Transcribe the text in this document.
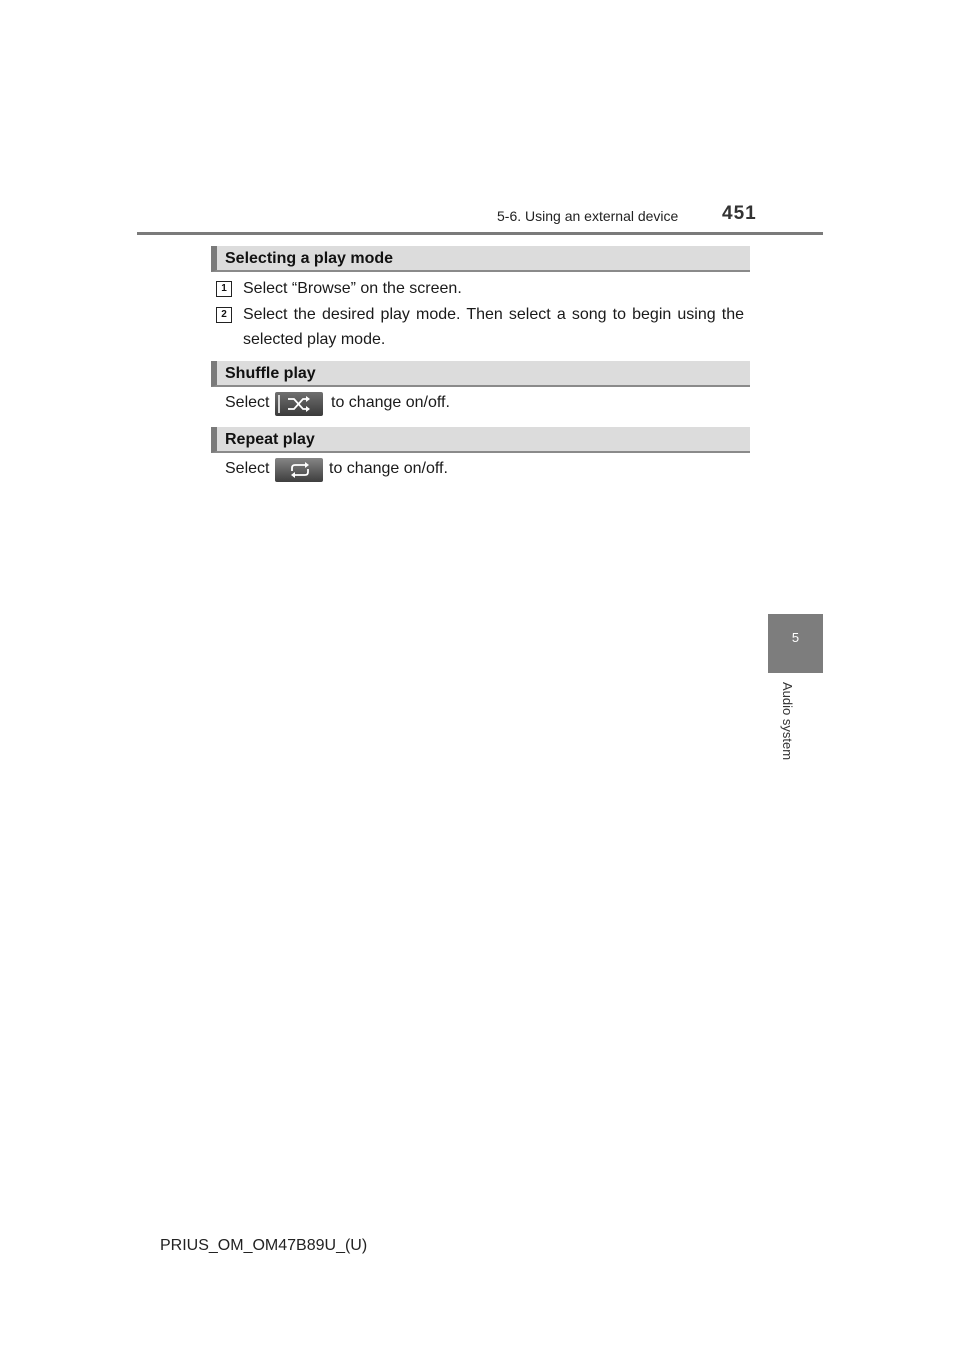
5-6. Using an external device 451
5
Audio system
Selecting a play mode
1	Select “Browse” on the screen.
2	Select the desired play mode. Then select a song to begin using the selected play mode.
Shuffle play
Select	to change on/off.
Repeat play
Select	to change on/off.
PRIUS_OM_OM47B89U_(U)
